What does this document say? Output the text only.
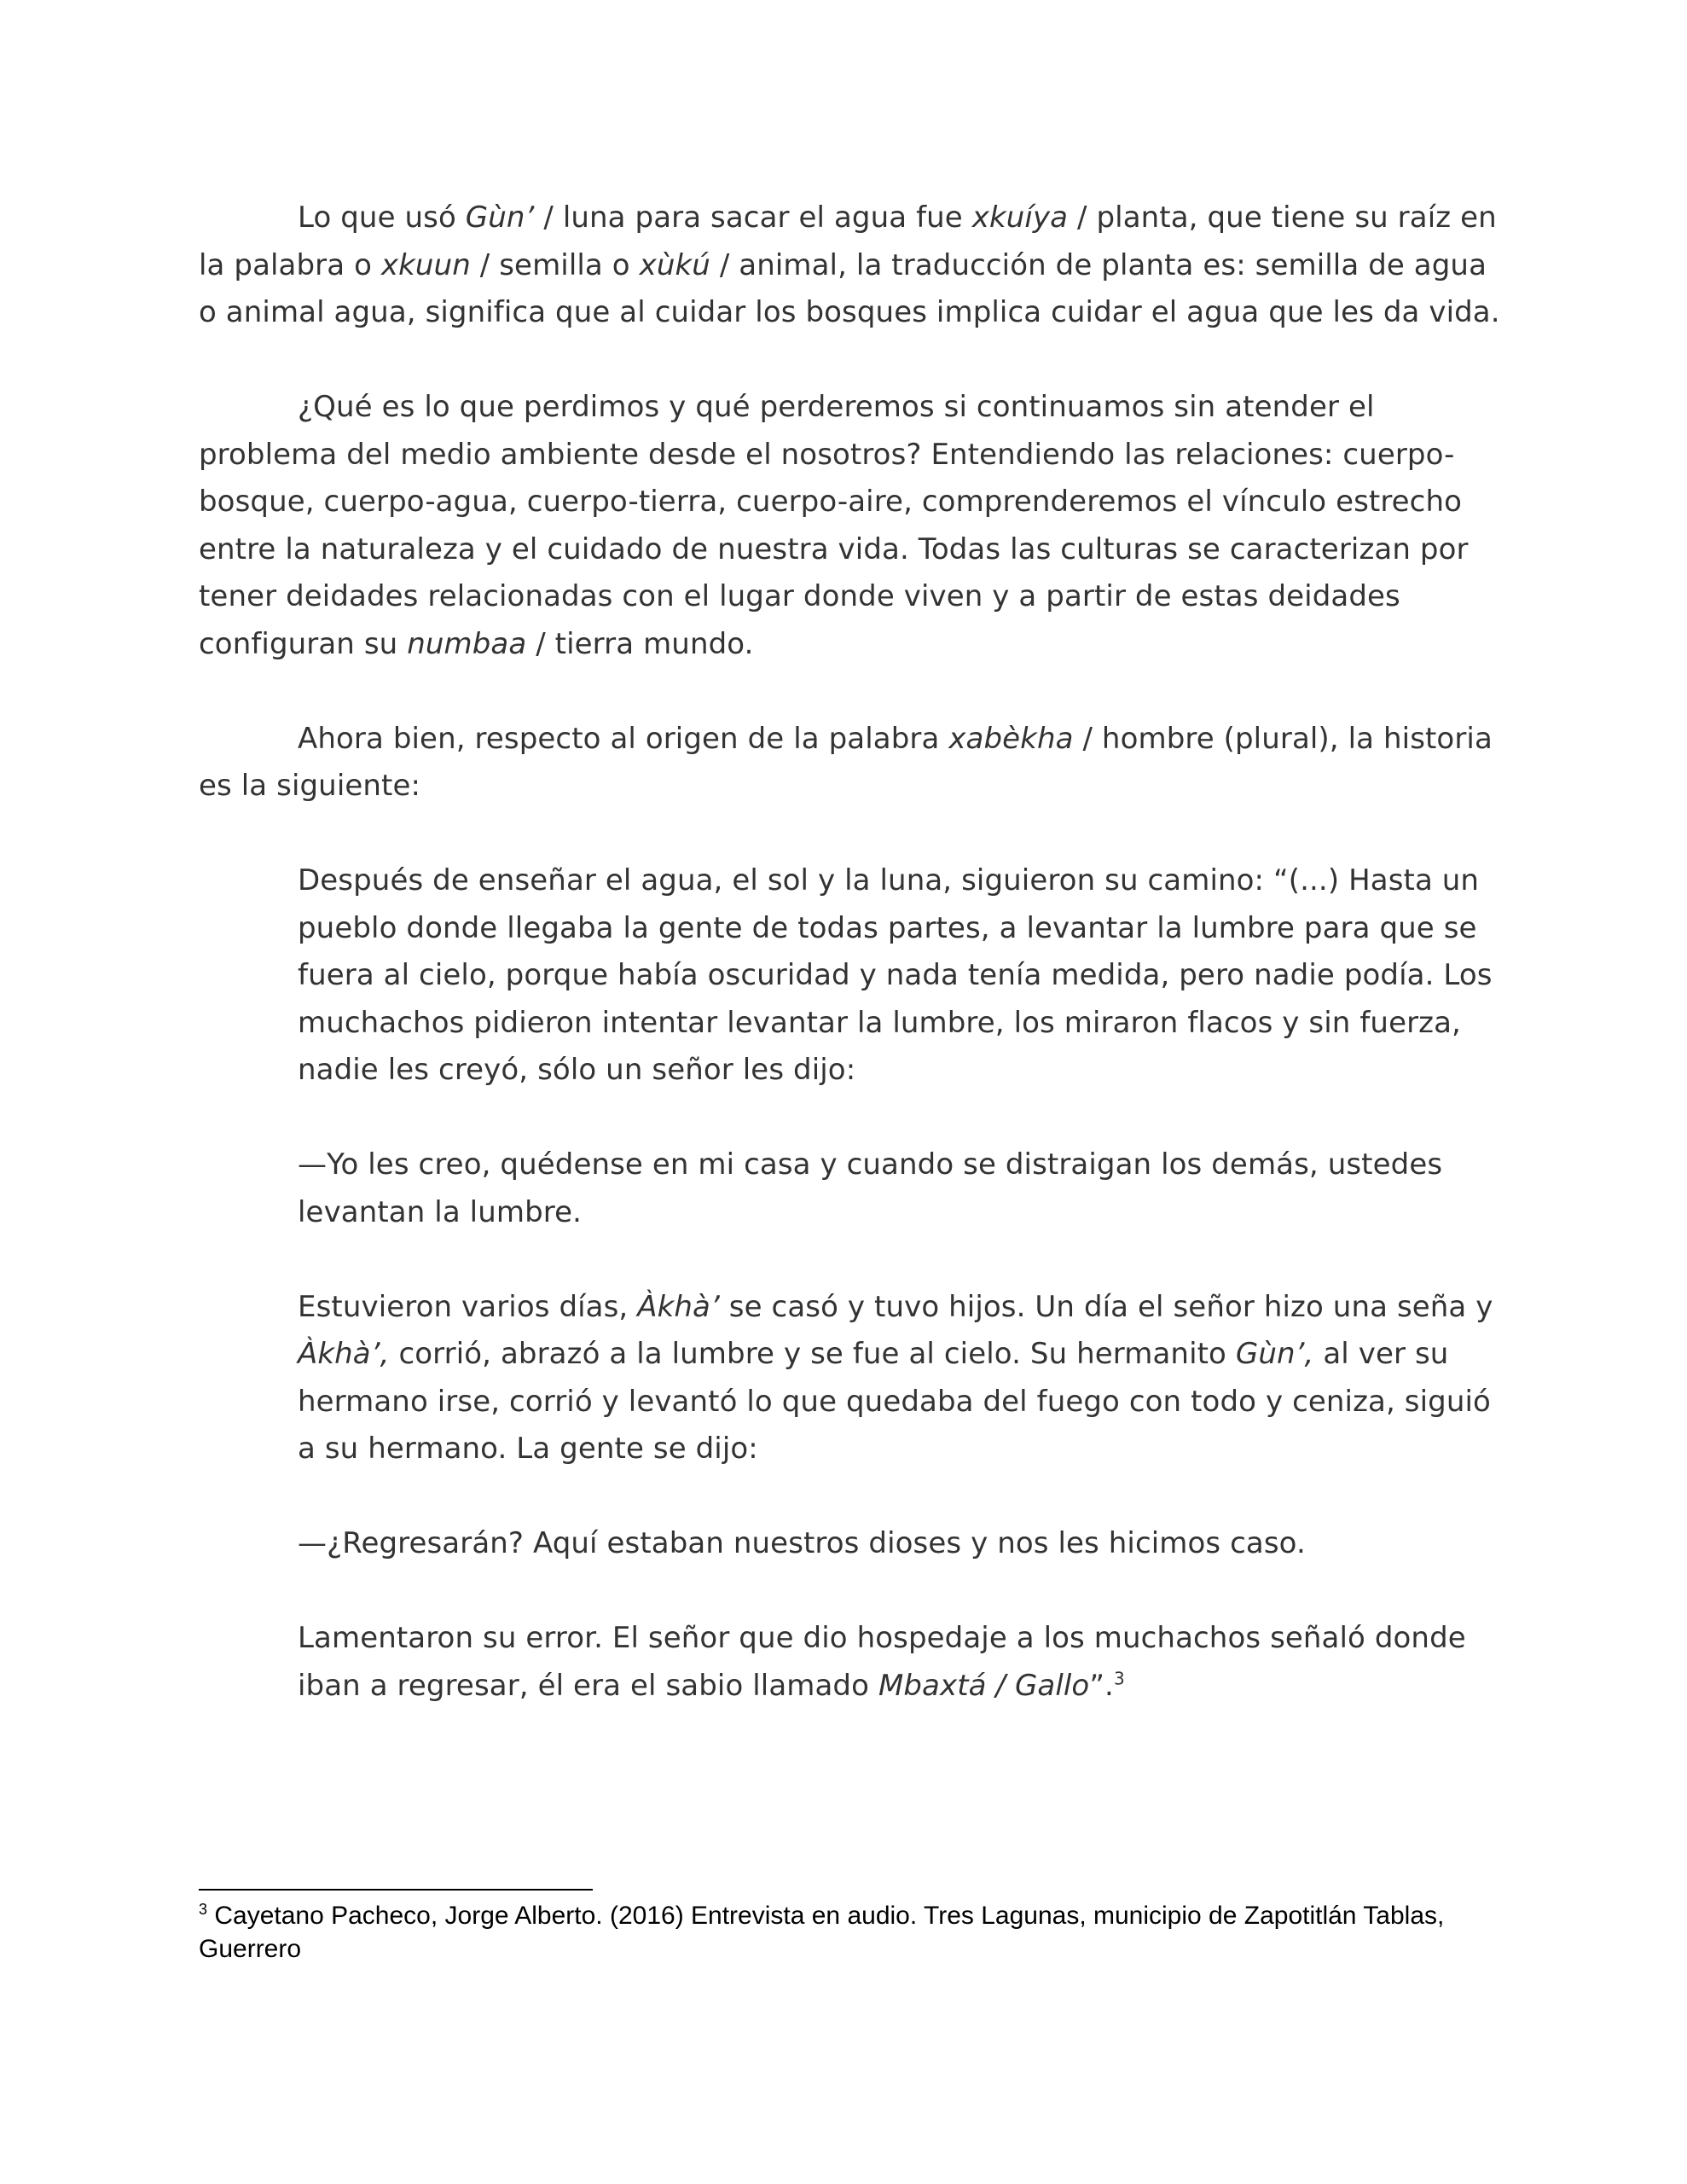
Lo que usó Gùn’ / luna para sacar el agua fue xkuíya / planta, que tiene su raíz en la palabra o xkuun / semilla o xùkú / animal, la traducción de planta es: semilla de agua o animal agua, significa que al cuidar los bosques implica cuidar el agua que les da vida.

¿Qué es lo que perdimos y qué perderemos si continuamos sin atender el problema del medio ambiente desde el nosotros? Entendiendo las relaciones: cuerpo-bosque, cuerpo-agua, cuerpo-tierra, cuerpo-aire, comprenderemos el vínculo estrecho entre la naturaleza y el cuidado de nuestra vida. Todas las culturas se caracterizan por tener deidades relacionadas con el lugar donde viven y a partir de estas deidades configuran su numbaa / tierra mundo.

Ahora bien, respecto al origen de la palabra xabèkha / hombre (plural), la historia es la siguiente:

Después de enseñar el agua, el sol y la luna, siguieron su camino: “(...) Hasta un pueblo donde llegaba la gente de todas partes, a levantar la lumbre para que se fuera al cielo, porque había oscuridad y nada tenía medida, pero nadie podía. Los muchachos pidieron intentar levantar la lumbre, los miraron flacos y sin fuerza, nadie les creyó, sólo un señor les dijo:

—Yo les creo, quédense en mi casa y cuando se distraigan los demás, ustedes levantan la lumbre.

Estuvieron varios días, Àkhà’ se casó y tuvo hijos. Un día el señor hizo una seña y Àkhà’, corrió, abrazó a la lumbre y se fue al cielo. Su hermanito Gùn’, al ver su hermano irse, corrió y levantó lo que quedaba del fuego con todo y ceniza, siguió a su hermano. La gente se dijo:

—¿Regresarán? Aquí estaban nuestros dioses y nos les hicimos caso.

Lamentaron su error. El señor que dio hospedaje a los muchachos señaló donde iban a regresar, él era el sabio llamado Mbaxtá / Gallo”.$^3$

$^3$ Cayetano Pacheco, Jorge Alberto. (2016) Entrevista en audio. Tres Lagunas, municipio de Zapotitlán Tablas, Guerrero
